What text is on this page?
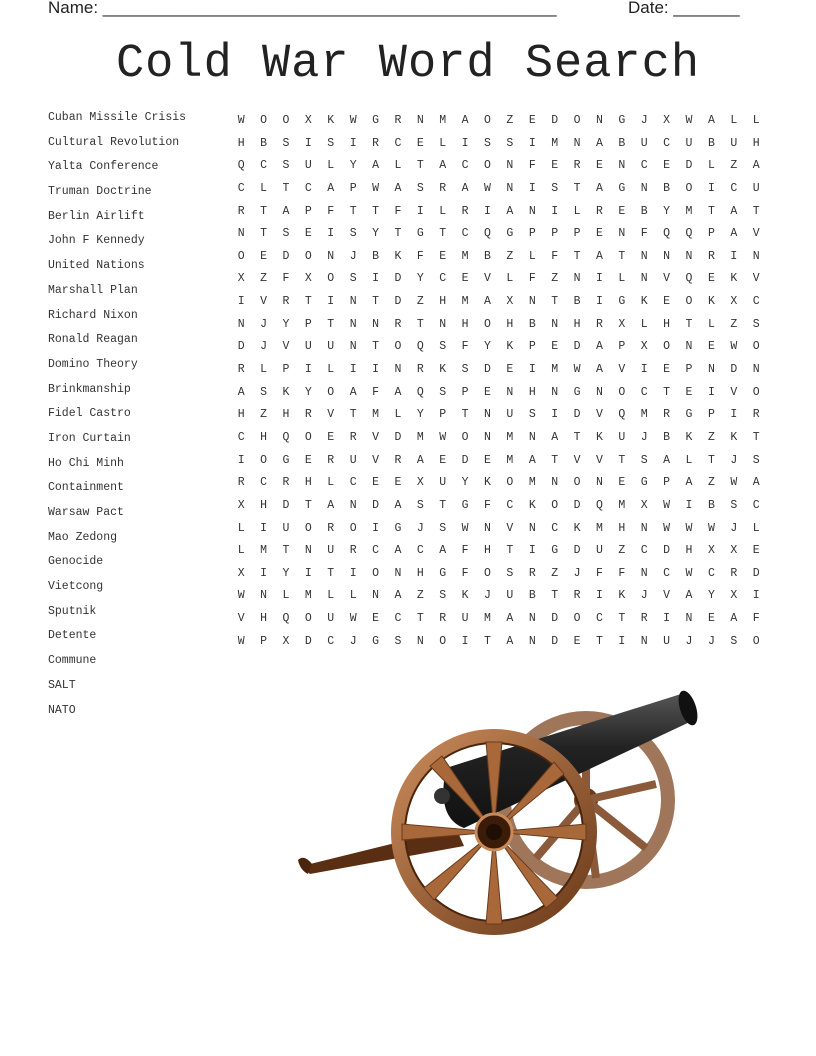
Name: ________________________________________________	Date: _______
Cold War Word Search
Cuban Missile Crisis
Cultural Revolution
Yalta Conference
Truman Doctrine
Berlin Airlift
John F Kennedy
United Nations
Marshall Plan
Richard Nixon
Ronald Reagan
Domino Theory
Brinkmanship
Fidel Castro
Iron Curtain
Ho Chi Minh
Containment
Warsaw Pact
Mao Zedong
Genocide
Vietcong
Sputnik
Detente
Commune
SALT
NATO
W	O	O	X	K	W	G	R	N	M	A	O	Z	E	D	O	N	G	J	X	W	A	L	L
H	B	S	I	S	I	R	C	E	L	I	S	S	I	M	N	A	B	U	C	U	B	U	H
Q	C	S	U	L	Y	A	L	T	A	C	O	N	F	E	R	E	N	C	E	D	L	Z	A
C	L	T	C	A	P	W	A	S	R	A	W	N	I	S	T	A	G	N	B	O	I	C	U
R	T	A	P	F	T	T	F	I	L	R	I	A	N	I	L	R	E	B	Y	M	T	A	T
N	T	S	E	I	S	Y	T	G	T	C	Q	G	P	P	P	E	N	F	Q	Q	P	A	V
O	E	D	O	N	J	B	K	F	E	M	B	Z	L	F	T	A	T	N	N	N	R	I	N
X	Z	F	X	O	S	I	D	Y	C	E	V	L	F	Z	N	I	L	N	V	Q	E	K	V
I	V	R	T	I	N	T	D	Z	H	M	A	X	N	T	B	I	G	K	E	O	K	X	C
N	J	Y	P	T	N	N	R	T	N	H	O	H	B	N	H	R	X	L	H	T	L	Z	S
D	J	V	U	U	N	T	O	Q	S	F	Y	K	P	E	D	A	P	X	O	N	E	W	O
R	L	P	I	L	I	I	N	R	K	S	D	E	I	M	W	A	V	I	E	P	N	D	N
A	S	K	Y	O	A	F	A	Q	S	P	E	N	H	N	G	N	O	C	T	E	I	V	O
H	Z	H	R	V	T	M	L	Y	P	T	N	U	S	I	D	V	Q	M	R	G	P	I	R
C	H	Q	O	E	R	V	D	M	W	O	N	M	N	A	T	K	U	J	B	K	Z	K	T
I	O	G	E	R	U	V	R	A	E	D	E	M	A	T	V	V	T	S	A	L	T	J	S
R	C	R	H	L	C	E	E	X	U	Y	K	O	M	N	O	N	E	G	P	A	Z	W	A
X	H	D	T	A	N	D	A	S	T	G	F	C	K	O	D	Q	M	X	W	I	B	S	C
L	I	U	O	R	O	I	G	J	S	W	N	V	N	C	K	M	H	N	W	W	W	J	L
L	M	T	N	U	R	C	A	C	A	F	H	T	I	G	D	U	Z	C	D	H	X	X	E
X	I	Y	I	T	I	O	N	H	G	F	O	S	R	Z	J	F	F	N	C	W	C	R	D
W	N	L	M	L	L	N	A	Z	S	K	J	U	B	T	R	I	K	J	V	A	Y	X	I
V	H	Q	O	U	W	E	C	T	R	U	M	A	N	D	O	C	T	R	I	N	E	A	F
W	P	X	D	C	J	G	S	N	O	I	T	A	N	D	E	T	I	N	U	J	J	S	O
